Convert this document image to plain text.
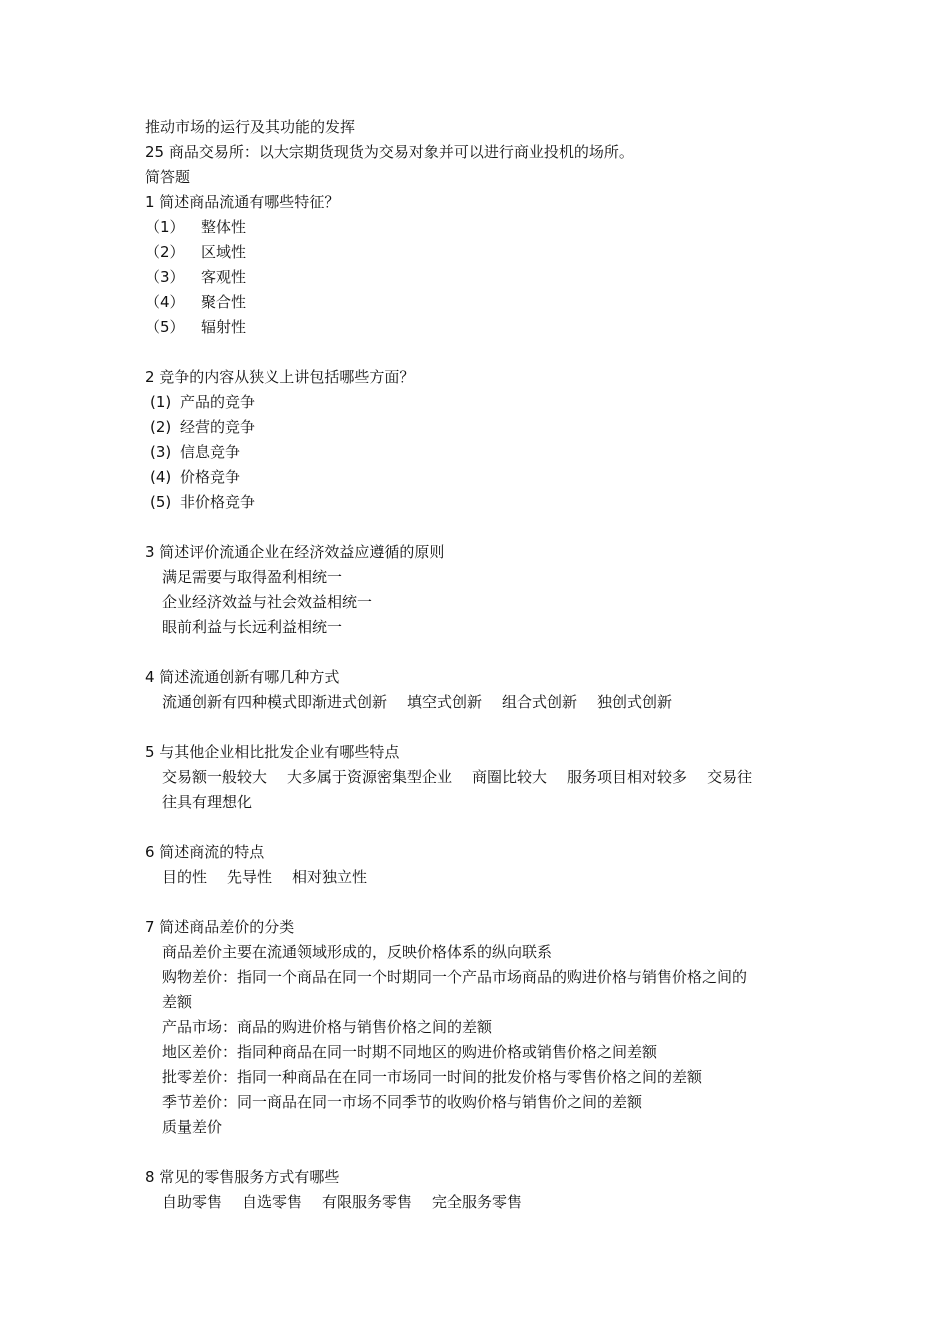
推动市场的运行及其功能的发挥
25 商品交易所：以大宗期货现货为交易对象并可以进行商业投机的场所。
简答题
1 简述商品流通有哪些特征？
（1） 整体性
（2） 区域性
（3） 客观性
（4） 聚合性
（5） 辐射性
2 竞争的内容从狭义上讲包括哪些方面？
(1) 产品的竞争
(2) 经营的竞争
(3) 信息竞争
(4) 价格竞争
(5) 非价格竞争
3 简述评价流通企业在经济效益应遵循的原则
满足需要与取得盈利相统一
企业经济效益与社会效益相统一
眼前利益与长远利益相统一
4 简述流通创新有哪几种方式
流通创新有四种模式即渐进式创新 填空式创新 组合式创新 独创式创新
5 与其他企业相比批发企业有哪些特点
交易额一般较大 大多属于资源密集型企业 商圈比较大 服务项目相对较多 交易往
往具有理想化
6 简述商流的特点
目的性 先导性 相对独立性
7 简述商品差价的分类
商品差价主要在流通领域形成的，反映价格体系的纵向联系
购物差价：指同一个商品在同一个时期同一个产品市场商品的购进价格与销售价格之间的
差额
产品市场：商品的购进价格与销售价格之间的差额
地区差价：指同种商品在同一时期不同地区的购进价格或销售价格之间差额
批零差价：指同一种商品在在同一市场同一时间的批发价格与零售价格之间的差额
季节差价：同一商品在同一市场不同季节的收购价格与销售价之间的差额
质量差价
8 常见的零售服务方式有哪些
自助零售 自选零售 有限服务零售 完全服务零售
